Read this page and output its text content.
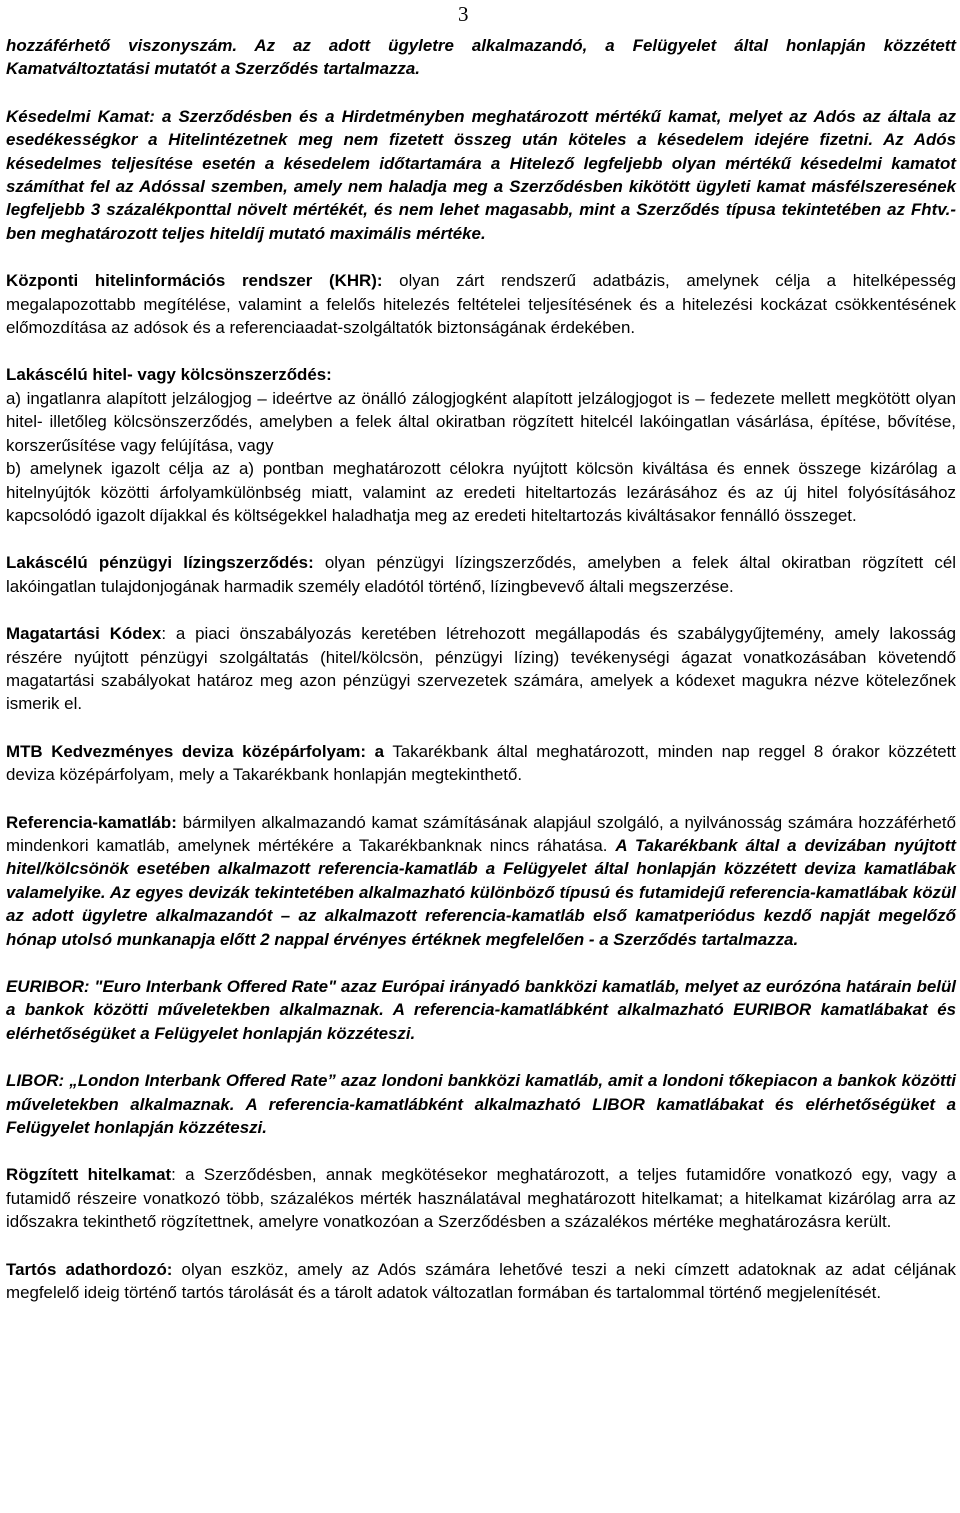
3

hozzáférhető viszonyszám. Az az adott ügyletre alkalmazandó, a Felügyelet által honlapján közzétett Kamatváltoztatási mutatót a Szerződés tartalmazza.

Késedelmi Kamat: a Szerződésben és a Hirdetményben meghatározott mértékű kamat, melyet az Adós az általa az esedékességkor a Hitelintézetnek meg nem fizetett összeg után köteles a késedelem idejére fizetni. Az Adós késedelmes teljesítése esetén a késedelem időtartamára a Hitelező legfeljebb olyan mértékű késedelmi kamatot számíthat fel az Adóssal szemben, amely nem haladja meg a Szerződésben kikötött ügyleti kamat másfélszeresének legfeljebb 3 százalékponttal növelt mértékét, és nem lehet magasabb, mint a Szerződés típusa tekintetében az Fhtv.-ben meghatározott teljes hiteldíj mutató maximális mértéke.

Központi hitelinformációs rendszer (KHR): olyan zárt rendszerű adatbázis, amelynek célja a hitelképesség megalapozottabb megítélése, valamint a felelős hitelezés feltételei teljesítésének és a hitelezési kockázat csökkentésének előmozdítása az adósok és a referenciaadat-szolgáltatók biztonságának érdekében.

Lakáscélú hitel- vagy kölcsönszerződés:
a) ingatlanra alapított jelzálogjog – ideértve az önálló zálogjogként alapított jelzálogjogot is – fedezete mellett megkötött olyan hitel- illetőleg kölcsönszerződés, amelyben a felek által okiratban rögzített hitelcél lakóingatlan vásárlása, építése, bővítése, korszerűsítése vagy felújítása, vagy
b) amelynek igazolt célja az a) pontban meghatározott célokra nyújtott kölcsön kiváltása és ennek összege kizárólag a hitelnyújtók közötti árfolyamkülönbség miatt, valamint az eredeti hiteltartozás lezárásához és az új hitel folyósításához kapcsolódó igazolt díjakkal és költségekkel haladhatja meg az eredeti hiteltartozás kiváltásakor fennálló összeget.

Lakáscélú pénzügyi lízingszerződés: olyan pénzügyi lízingszerződés, amelyben a felek által okiratban rögzített cél lakóingatlan tulajdonjogának harmadik személy eladótól történő, lízingbevevő általi megszerzése.

Magatartási Kódex: a piaci önszabályozás keretében létrehozott megállapodás és szabálygyűjtemény, amely lakosság részére nyújtott pénzügyi szolgáltatás (hitel/kölcsön, pénzügyi lízing) tevékenységi ágazat vonatkozásában követendő magatartási szabályokat határoz meg azon pénzügyi szervezetek számára, amelyek a kódexet magukra nézve kötelezőnek ismerik el.

MTB Kedvezményes deviza középárfolyam: a Takarékbank által meghatározott, minden nap reggel 8 órakor közzétett deviza középárfolyam, mely a Takarékbank honlapján megtekinthető.

Referencia-kamatláb: bármilyen alkalmazandó kamat számításának alapjául szolgáló, a nyilvánosság számára hozzáférhető mindenkori kamatláb, amelynek mértékére a Takarékbanknak nincs ráhatása. A Takarékbank által a devizában nyújtott hitel/kölcsönök esetében alkalmazott referencia-kamatláb a Felügyelet által honlapján közzétett deviza kamatlábak valamelyike. Az egyes devizák tekintetében alkalmazható különböző típusú és futamidejű referencia-kamatlábak közül az adott ügyletre alkalmazandót – az alkalmazott referencia-kamatláb első kamatperiódus kezdő napját megelőző hónap utolsó munkanapja előtt 2 nappal érvényes értéknek megfelelően - a Szerződés tartalmazza.

EURIBOR: "Euro Interbank Offered Rate" azaz Európai irányadó bankközi kamatláb, melyet az eurózóna határain belül a bankok közötti műveletekben alkalmaznak. A referencia-kamatlábként alkalmazható EURIBOR kamatlábakat és elérhetőségüket a Felügyelet honlapján közzéteszi.

LIBOR: „London Interbank Offered Rate” azaz londoni bankközi kamatláb, amit a londoni tőkepiacon a bankok közötti műveletekben alkalmaznak. A referencia-kamatlábként alkalmazható LIBOR kamatlábakat és elérhetőségüket a Felügyelet honlapján közzéteszi.

Rögzített hitelkamat: a Szerződésben, annak megkötésekor meghatározott, a teljes futamidőre vonatkozó egy, vagy a futamidő részeire vonatkozó több, százalékos mérték használatával meghatározott hitelkamat; a hitelkamat kizárólag arra az időszakra tekinthető rögzítettnek, amelyre vonatkozóan a Szerződésben a százalékos mértéke meghatározásra került.

Tartós adathordozó: olyan eszköz, amely az Adós számára lehetővé teszi a neki címzett adatoknak az adat céljának megfelelő ideig történő tartós tárolását és a tárolt adatok változatlan formában és tartalommal történő megjelenítését.
